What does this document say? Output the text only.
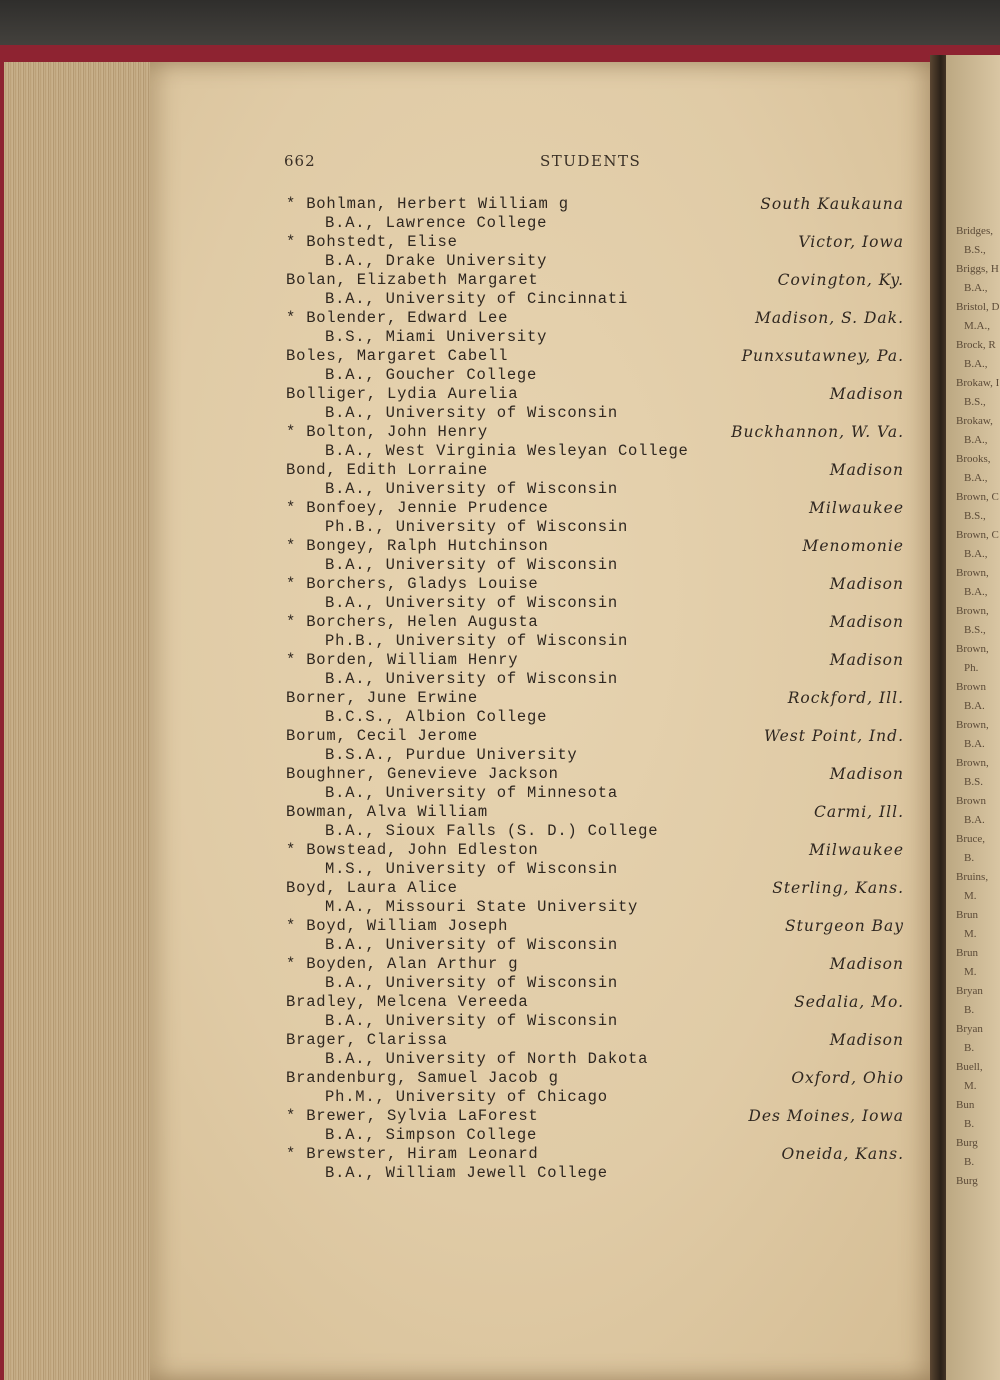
Bridges,
B.S.,
Briggs, H
B.A.,
Bristol, D
M.A.,
Brock, R
B.A.,
Brokaw, I
B.S.,
Brokaw,
B.A.,
Brooks,
B.A.,
Brown, C
B.S.,
Brown, C
B.A.,
Brown,
B.A.,
Brown,
B.S.,
Brown,
Ph.
Brown
B.A.
Brown,
B.A.
Brown,
B.S.
Brown
B.A.
Bruce,
B.
Bruins,
M.
Brun
M.
Brun
M.
Bryan
B.
Bryan
B.
Buell,
M.
Bun
B.
Burg
B.
Burg
662	STUDENTS
* Bohlman, Herbert William g
B.A., Lawrence College
South Kaukauna
* Bohstedt, Elise
B.A., Drake University
Victor, Iowa
Bolan, Elizabeth Margaret
B.A., University of Cincinnati
Covington, Ky.
* Bolender, Edward Lee
B.S., Miami University
Madison, S. Dak.
Boles, Margaret Cabell
B.A., Goucher College
Punxsutawney, Pa.
Bolliger, Lydia Aurelia
B.A., University of Wisconsin
Madison
* Bolton, John Henry
B.A., West Virginia Wesleyan College
Buckhannon, W. Va.
Bond, Edith Lorraine
B.A., University of Wisconsin
Madison
* Bonfoey, Jennie Prudence
Ph.B., University of Wisconsin
Milwaukee
* Bongey, Ralph Hutchinson
B.A., University of Wisconsin
Menomonie
* Borchers, Gladys Louise
B.A., University of Wisconsin
Madison
* Borchers, Helen Augusta
Ph.B., University of Wisconsin
Madison
* Borden, William Henry
B.A., University of Wisconsin
Madison
Borner, June Erwine
B.C.S., Albion College
Rockford, Ill.
Borum, Cecil Jerome
B.S.A., Purdue University
West Point, Ind.
Boughner, Genevieve Jackson
B.A., University of Minnesota
Madison
Bowman, Alva William
B.A., Sioux Falls (S. D.) College
Carmi, Ill.
* Bowstead, John Edleston
M.S., University of Wisconsin
Milwaukee
Boyd, Laura Alice
M.A., Missouri State University
Sterling, Kans.
* Boyd, William Joseph
B.A., University of Wisconsin
Sturgeon Bay
* Boyden, Alan Arthur g
B.A., University of Wisconsin
Madison
Bradley, Melcena Vereeda
B.A., University of Wisconsin
Sedalia, Mo.
Brager, Clarissa
B.A., University of North Dakota
Madison
Brandenburg, Samuel Jacob g
Ph.M., University of Chicago
Oxford, Ohio
* Brewer, Sylvia LaForest
B.A., Simpson College
Des Moines, Iowa
* Brewster, Hiram Leonard
B.A., William Jewell College
Oneida, Kans.
